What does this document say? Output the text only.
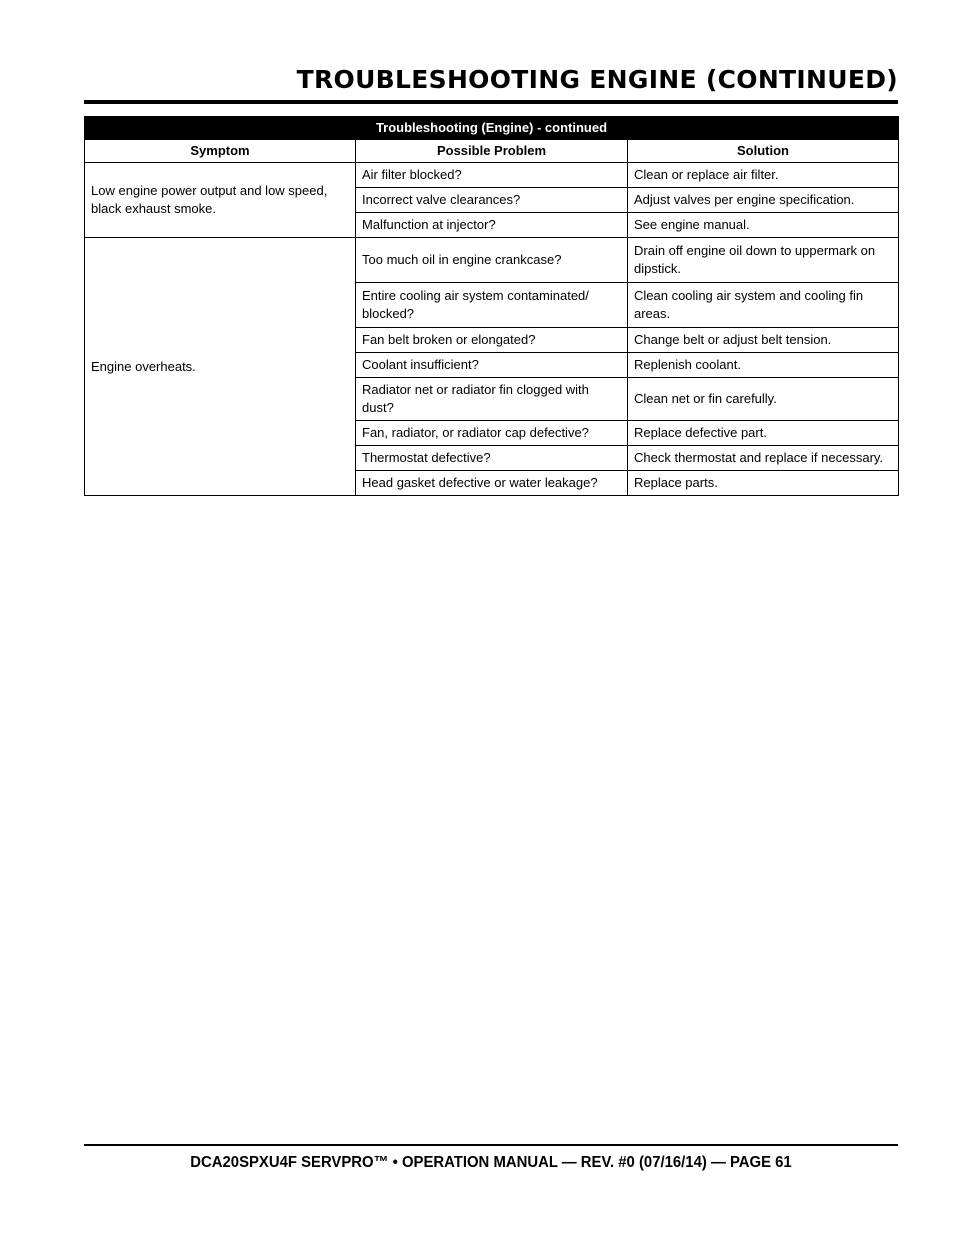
TROUBLESHOOTING ENGINE (CONTINUED)
Troubleshooting (Engine) - continued		
Symptom	Possible Problem	Solution
Low engine power output and low speed, black exhaust smoke.	Air filter blocked?	Clean or replace air filter.
	Incorrect valve clearances?	Adjust valves per engine specification.
	Malfunction at injector?	See engine manual.
Engine overheats.	Too much oil in engine crankcase?	Drain off engine oil down to uppermark on dipstick.
	Entire cooling air system contaminated/ blocked?	Clean cooling air system and cooling fin areas.
	Fan belt broken or elongated?	Change belt or adjust belt tension.
	Coolant insufficient?	Replenish coolant.
	Radiator net or radiator fin clogged with dust?	Clean net or fin carefully.
	Fan, radiator, or radiator cap defective?	Replace defective part.
	Thermostat defective?	Check thermostat and replace if necessary.
	Head gasket defective or water leakage?	Replace parts.
DCA20SPXU4F SERVPRO™ • OPERATION MANUAL — REV. #0 (07/16/14) — PAGE 61
